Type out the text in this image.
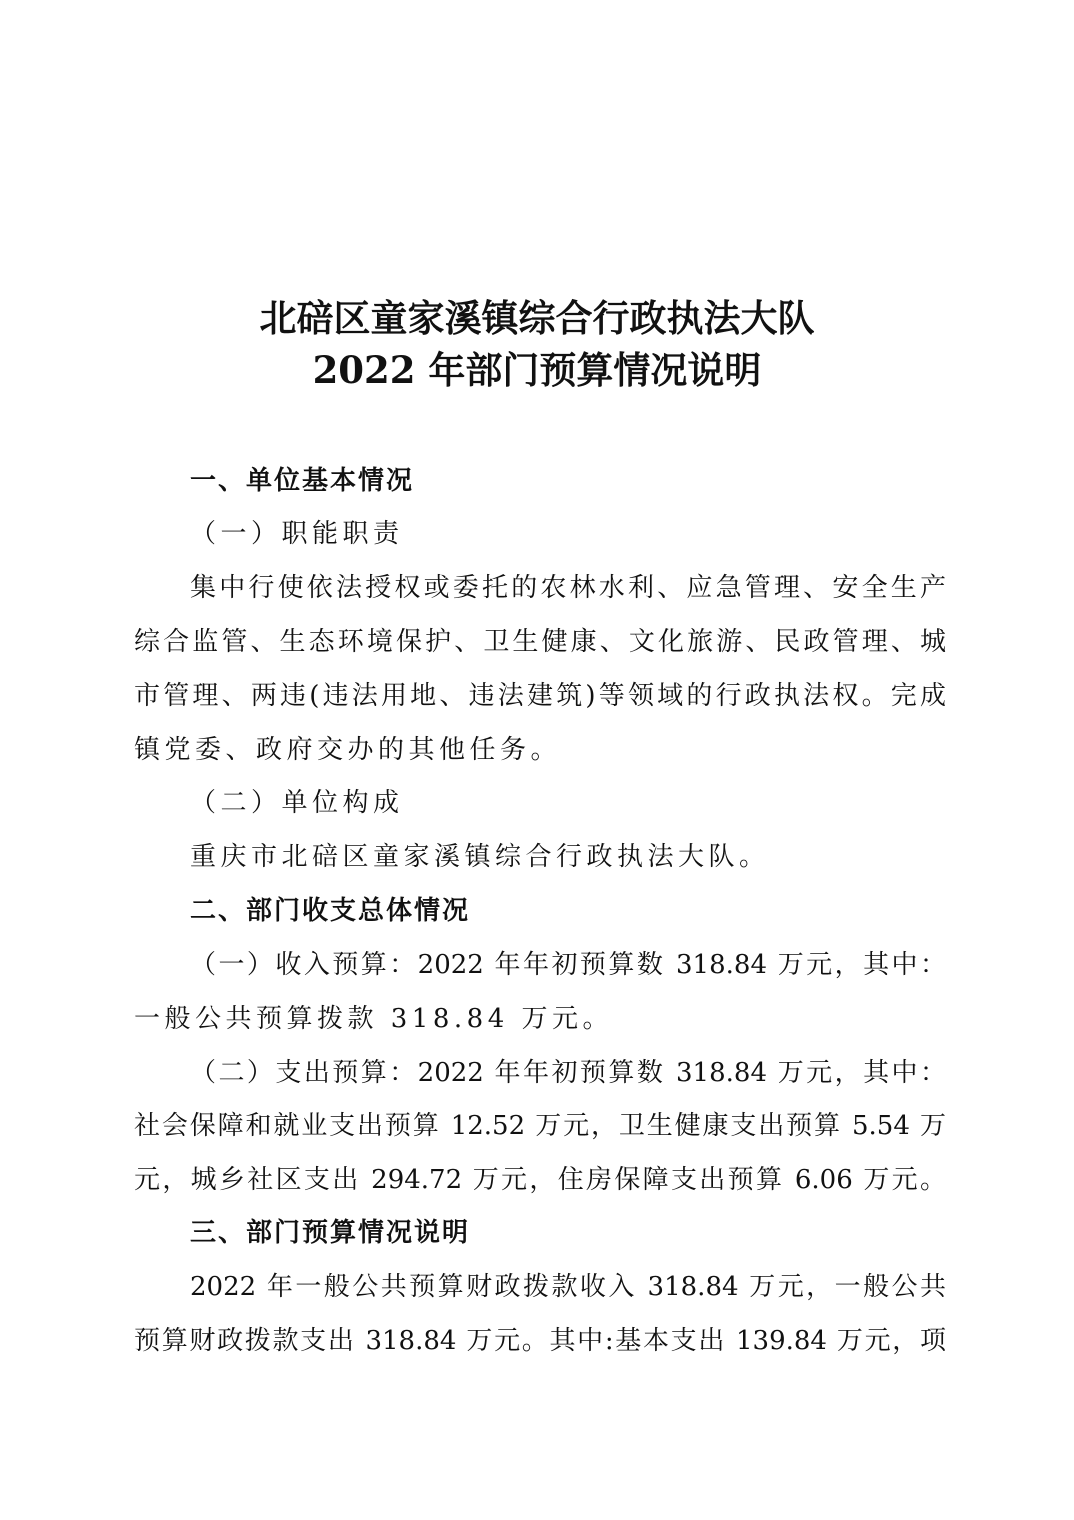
北碚区童家溪镇综合行政执法大队
2022 年部门预算情况说明
一、单位基本情况
（一）职能职责
集中行使依法授权或委托的农林水利、应急管理、安全生产
综合监管、生态环境保护、卫生健康、文化旅游、民政管理、城
市管理、两违(违法用地、违法建筑)等领域的行政执法权。完成
镇党委、政府交办的其他任务。
（二）单位构成
重庆市北碚区童家溪镇综合行政执法大队。
二、部门收支总体情况
（一）收入预算：2022 年年初预算数 318.84 万元，其中：
一般公共预算拨款 318.84 万元。
（二）支出预算：2022 年年初预算数 318.84 万元，其中：
社会保障和就业支出预算 12.52 万元，卫生健康支出预算 5.54 万
元，城乡社区支出 294.72 万元，住房保障支出预算 6.06 万元。
三、部门预算情况说明
2022 年一般公共预算财政拨款收入 318.84 万元，一般公共
预算财政拨款支出 318.84 万元。其中:基本支出 139.84 万元，项
